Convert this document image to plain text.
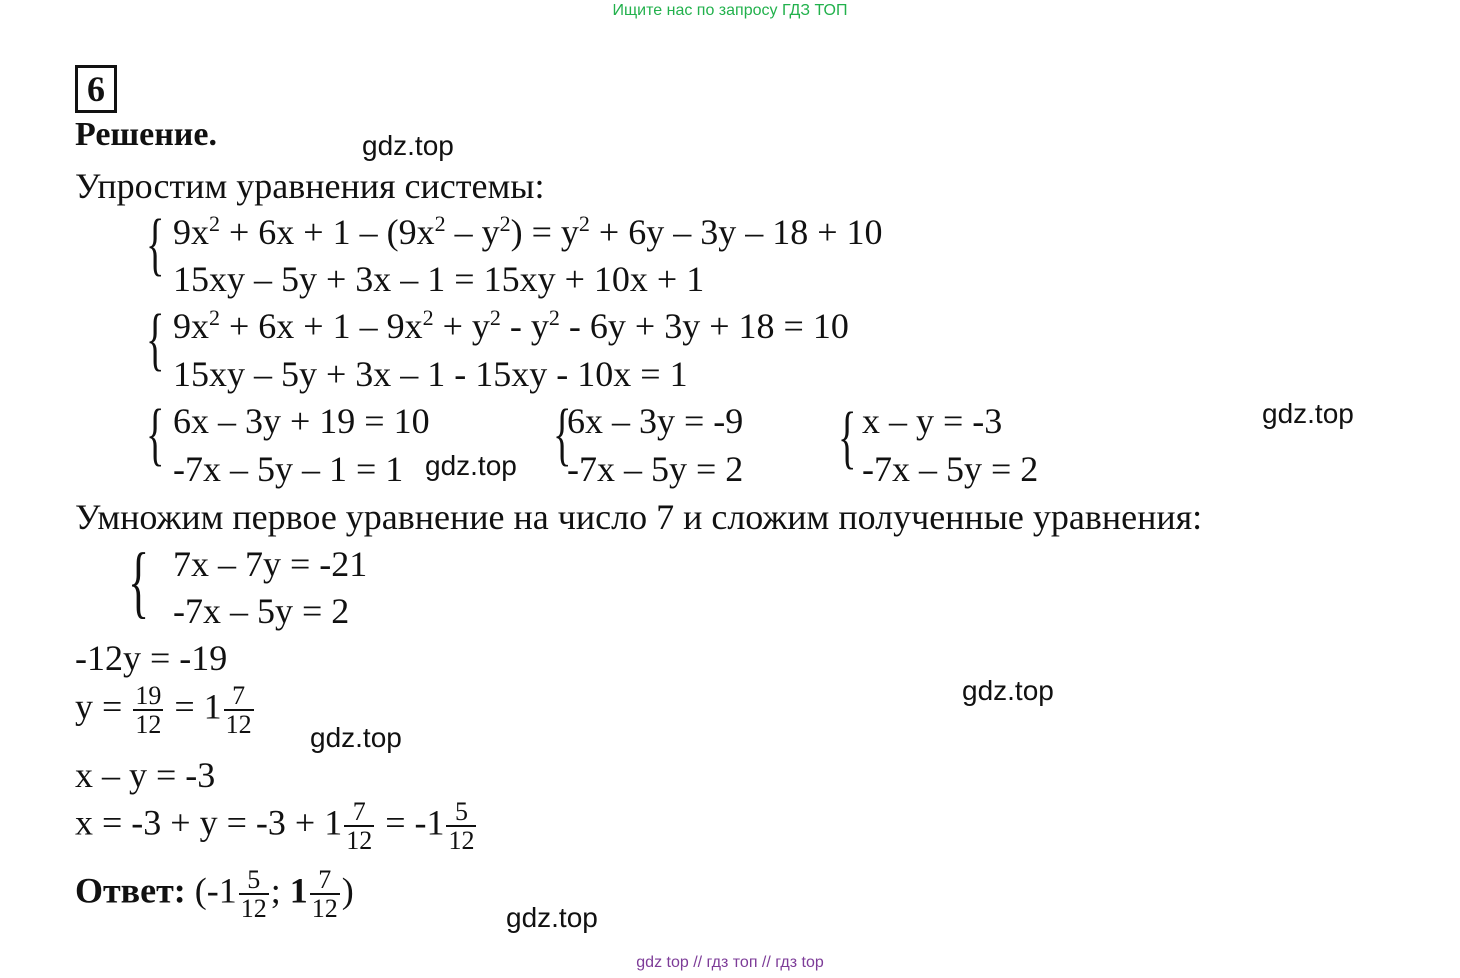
Ищите нас по запросу ГДЗ ТОП
6
Решение.	gdz.top
gdz.top
gdz.top
gdz.top
gdz.top
gdz.top
Упростим уравнения системы:
{ $9x^2 + 6x + 1 - (9x^2 - y^2) = y^2 + 6y - 3y - 18 + 10$
15xy – 5y + 3x – 1 = 15xy + 10x + 1
{ $9x^2 + 6x + 1 - 9x^2 + y^2 - y^2 - 6y + 3y + 18 = 10$
15xy – 5y + 3x – 1 - 15xy - 10x = 1
{ 6x – 3y + 19 = 10
-7x – 5y – 1 = 1 {
6x – 3y = -9
-7x – 5y = 2 { x – y = -3
-7x – 5y = 2
Умножим первое уравнение на число 7 и сложим полученные уравнения:
{ 7x – 7y = -21
-7x – 5y = 2
-12y = -19
$y = \frac{19}{12} = 1 \frac{7}{12}$
x – y = -3
$x = -3 + y = -3 + 1 \frac{7}{12} = -1 \frac{5}{12}$
Ответ: ($-1 \frac{5}{12}$ ; $1 \frac{7}{12}$ )
gdz top // гдз топ // гдз top
